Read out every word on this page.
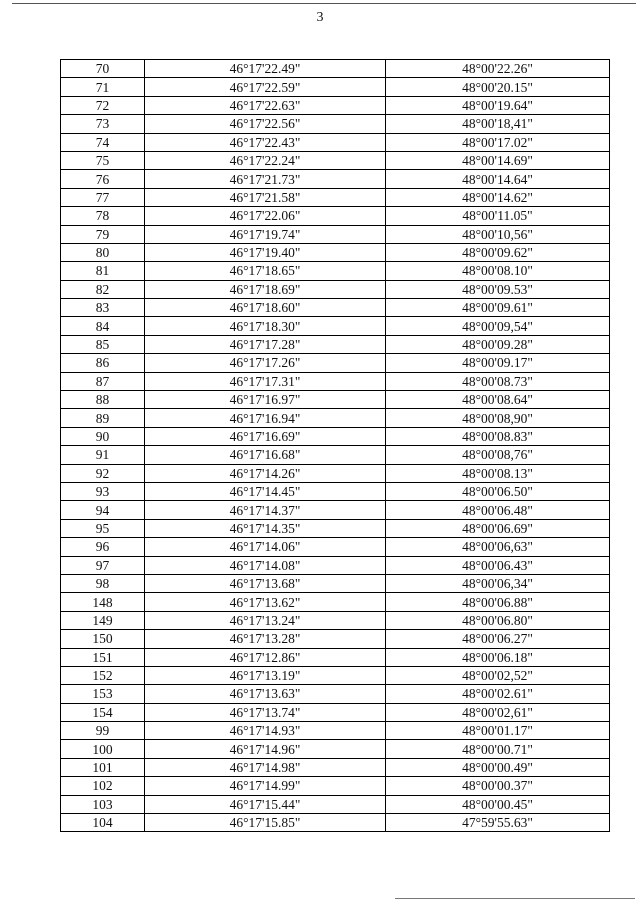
3
70	46°17'22.49"	48°00'22.26"
71	46°17'22.59"	48°00'20.15"
72	46°17'22.63"	48°00'19.64"
73	46°17'22.56"	48°00'18,41"
74	46°17'22.43"	48°00'17.02"
75	46°17'22.24"	48°00'14.69"
76	46°17'21.73"	48°00'14.64"
77	46°17'21.58"	48°00'14.62"
78	46°17'22.06"	48°00'11.05"
79	46°17'19.74"	48°00'10,56"
80	46°17'19.40"	48°00'09.62"
81	46°17'18.65"	48°00'08.10"
82	46°17'18.69"	48°00'09.53"
83	46°17'18.60"	48°00'09.61"
84	46°17'18.30"	48°00'09,54"
85	46°17'17.28"	48°00'09.28"
86	46°17'17.26"	48°00'09.17"
87	46°17'17.31"	48°00'08.73"
88	46°17'16.97"	48°00'08.64"
89	46°17'16.94"	48°00'08,90"
90	46°17'16.69"	48°00'08.83"
91	46°17'16.68"	48°00'08,76"
92	46°17'14.26"	48°00'08.13"
93	46°17'14.45"	48°00'06.50"
94	46°17'14.37"	48°00'06.48"
95	46°17'14.35"	48°00'06.69"
96	46°17'14.06"	48°00'06,63"
97	46°17'14.08"	48°00'06.43"
98	46°17'13.68"	48°00'06,34"
148	46°17'13.62"	48°00'06.88"
149	46°17'13.24"	48°00'06.80"
150	46°17'13.28"	48°00'06.27"
151	46°17'12.86"	48°00'06.18"
152	46°17'13.19"	48°00'02,52"
153	46°17'13.63"	48°00'02.61"
154	46°17'13.74"	48°00'02,61"
99	46°17'14.93"	48°00'01.17"
100	46°17'14.96"	48°00'00.71"
101	46°17'14.98"	48°00'00.49"
102	46°17'14.99"	48°00'00.37"
103	46°17'15.44"	48°00'00.45"
104	46°17'15.85"	47°59'55.63"
